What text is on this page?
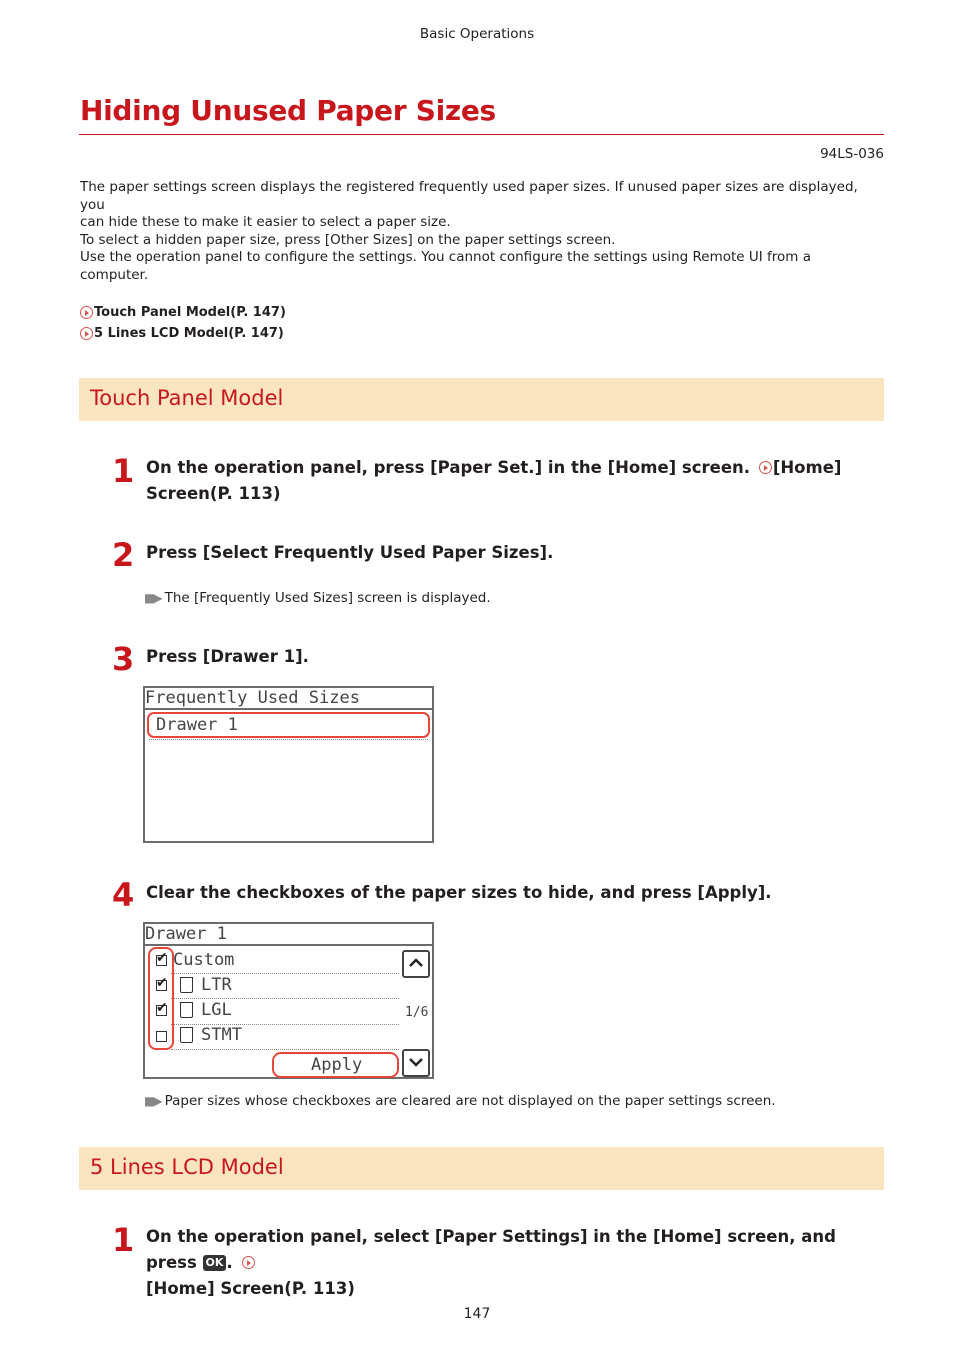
Basic Operations
Hiding Unused Paper Sizes
94LS-036
The paper settings screen displays the registered frequently used paper sizes. If unused paper sizes are displayed, you
can hide these to make it easier to select a paper size.
To select a hidden paper size, press [Other Sizes] on the paper settings screen.
Use the operation panel to configure the settings. You cannot configure the settings using Remote UI from a
computer.
Touch Panel Model(P. 147)
5 Lines LCD Model(P. 147)
Touch Panel Model
1 On the operation panel, press [Paper Set.] in the [Home] screen. [Home]
Screen(P. 113)
2 Press [Select Frequently Used Paper Sizes].
■▶ The [Frequently Used Sizes] screen is displayed.
3 Press [Drawer 1].
Frequently Used Sizes
Drawer 1
4 Clear the checkboxes of the paper sizes to hide, and press [Apply].
Drawer 1
✔
Custom
✔
LTR
✔
LGL
STMT
1/6
Apply
■▶ Paper sizes whose checkboxes are cleared are not displayed on the paper settings screen.
5 Lines LCD Model
1 On the operation panel, select [Paper Settings] in the [Home] screen, and press OK .
[Home] Screen(P. 113)
147
